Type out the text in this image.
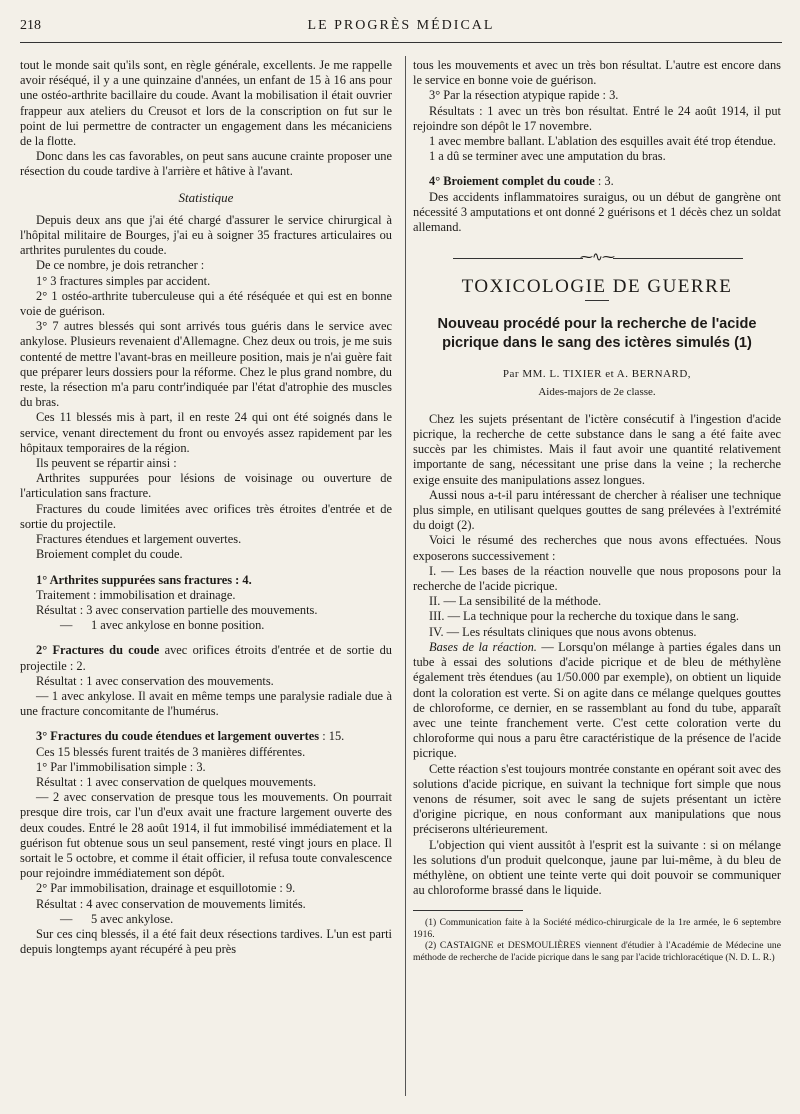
218	LE PROGRÈS MÉDICAL

tout le monde sait qu'ils sont, en règle générale, excellents. Je me rappelle avoir réséqué, il y a une quinzaine d'années, un enfant de 15 à 16 ans pour une ostéo-arthrite bacillaire du coude. Avant la mobilisation il était ouvrier frappeur aux ateliers du Creusot et lors de la conscription on fut sur le point de lui permettre de contracter un engagement dans les mécaniciens de la flotte.

Donc dans les cas favorables, on peut sans aucune crainte proposer une résection du coude tardive à l'arrière et hâtive à l'avant.

Statistique

Depuis deux ans que j'ai été chargé d'assurer le service chirurgical à l'hôpital militaire de Bourges, j'ai eu à soigner 35 fractures articulaires ou arthrites purulentes du coude.

De ce nombre, je dois retrancher :

1° 3 fractures simples par accident.

2° 1 ostéo-arthrite tuberculeuse qui a été réséquée et qui est en bonne voie de guérison.

3° 7 autres blessés qui sont arrivés tous guéris dans le service avec ankylose. Plusieurs revenaient d'Allemagne. Chez deux ou trois, je me suis contenté de mettre l'avant-bras en meilleure position, mais je n'ai guère fait que préparer leurs dossiers pour la réforme. Chez le plus grand nombre, du reste, la résection m'a paru contr'indiquée par l'état d'atrophie des muscles du bras.

Ces 11 blessés mis à part, il en reste 24 qui ont été soignés dans le service, venant directement du front ou envoyés assez rapidement par les hôpitaux temporaires de la région.

Ils peuvent se répartir ainsi :

Arthrites suppurées pour lésions de voisinage ou ouverture de l'articulation sans fracture.

Fractures du coude limitées avec orifices très étroites d'entrée et de sortie du projectile.

Fractures étendues et largement ouvertes.

Broiement complet du coude.

1° Arthrites suppurées sans fractures : 4.

Traitement : immobilisation et drainage.

Résultat : 3 avec conservation partielle des mouvements.

—      1 avec ankylose en bonne position.

2° Fractures du coude avec orifices étroits d'entrée et de sortie du projectile : 2.

Résultat : 1 avec conservation des mouvements.

— 1 avec ankylose. Il avait en même temps une paralysie radiale due à une fracture concomitante de l'humérus.

3° Fractures du coude étendues et largement ouvertes : 15.

Ces 15 blessés furent traités de 3 manières différentes.

1° Par l'immobilisation simple : 3.

Résultat : 1 avec conservation de quelques mouvements.

— 2 avec conservation de presque tous les mouvements. On pourrait presque dire trois, car l'un d'eux avait une fracture largement ouverte des deux coudes. Entré le 28 août 1914, il fut immobilisé immédiatement et la guérison fut obtenue sous un seul pansement, resté vingt jours en place. Il sortait le 5 octobre, et comme il était officier, il refusa toute convalescence pour rejoindre immédiatement son dépôt.

2° Par immobilisation, drainage et esquillotomie : 9.

Résultat : 4 avec conservation de mouvements limités.

—      5 avec ankylose.

Sur ces cinq blessés, il a été fait deux résections tardives. L'un est parti depuis longtemps ayant récupéré à peu près

tous les mouvements et avec un très bon résultat. L'autre est encore dans le service en bonne voie de guérison.

3° Par la résection atypique rapide : 3.

Résultats : 1 avec un très bon résultat. Entré le 24 août 1914, il put rejoindre son dépôt le 17 novembre.

1 avec membre ballant. L'ablation des esquilles avait été trop étendue.

1 a dû se terminer avec une amputation du bras.

4° Broiement complet du coude : 3.

Des accidents inflammatoires suraigus, ou un début de gangrène ont nécessité 3 amputations et ont donné 2 guérisons et 1 décès chez un soldat allemand.

⁓∿⁓

TOXICOLOGIE DE GUERRE

Nouveau procédé pour la recherche de l'acide picrique dans le sang des ictères simulés (1)

Par MM. L. TIXIER et A. BERNARD,

Aides-majors de 2e classe.

Chez les sujets présentant de l'ictère consécutif à l'ingestion d'acide picrique, la recherche de cette substance dans le sang a été faite avec succès par les chimistes. Mais il faut avoir une quantité relativement importante de sang, nécessitant une prise dans la veine ; la recherche exige ensuite des manipulations assez longues.

Aussi nous a-t-il paru intéressant de chercher à réaliser une technique plus simple, en utilisant quelques gouttes de sang prélevées à l'extrémité du doigt (2).

Voici le résumé des recherches que nous avons effectuées. Nous exposerons successivement :

I. — Les bases de la réaction nouvelle que nous proposons pour la recherche de l'acide picrique.

II. — La sensibilité de la méthode.

III. — La technique pour la recherche du toxique dans le sang.

IV. — Les résultats cliniques que nous avons obtenus.

Bases de la réaction. — Lorsqu'on mélange à parties égales dans un tube à essai des solutions d'acide picrique et de bleu de méthylène également très étendues (au 1/50.000 par exemple), on obtient un liquide dont la coloration est verte. Si on agite dans ce mélange quelques gouttes de chloroforme, ce dernier, en se rassemblant au fond du tube, apparaît avec une teinte franchement verte. C'est cette coloration verte du chloroforme qui nous a paru être caractéristique de la présence de l'acide picrique.

Cette réaction s'est toujours montrée constante en opérant soit avec des solutions d'acide picrique, en suivant la technique fort simple que nous venons de résumer, soit avec le sang de sujets présentant un ictère d'origine picrique, en nous conformant aux manipulations que nous préciserons ultérieurement.

L'objection qui vient aussitôt à l'esprit est la suivante : si on mélange les solutions d'un produit quelconque, jaune par lui-même, à du bleu de méthylène, on obtient une teinte verte qui doit pouvoir se communiquer au chloroforme brassé dans le liquide.

(1) Communication faite à la Société médico-chirurgicale de la 1re armée, le 6 septembre 1916.

(2) CASTAIGNE et DESMOULIÈRES viennent d'étudier à l'Académie de Médecine une méthode de recherche de l'acide picrique dans le sang par l'acide trichloracétique (N. D. L. R.)
